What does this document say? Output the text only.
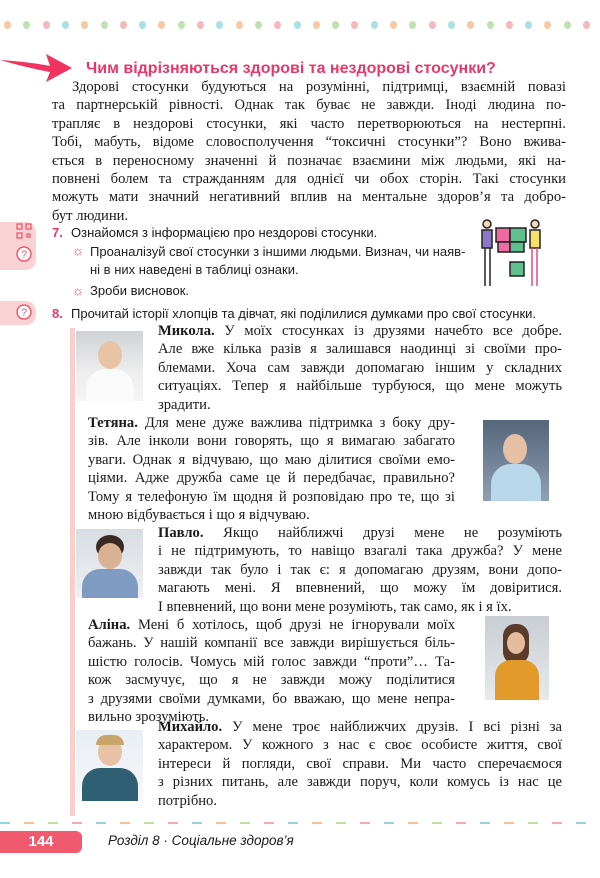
Чим відрізняються здорові та нездорові стосунки?
Здорові стосунки будуються на розумінні, підтримці, взаємній повазі
та партнерській рівності. Однак так буває не завжди. Іноді людина по-
трапляє в нездорові стосунки, які часто перетворюються на нестерпні.
Тобі, мабуть, відоме словосполучення “токсичні стосунки”? Воно вжива-
ється в переносному значенні й позначає взаємини між людьми, які на-
повнені болем та стражданням для однієї чи обох сторін. Такі стосунки
можуть мати значний негативний вплив на ментальне здоров’я та добро-
бут людини.
?
7. Ознайомся з інформацією про нездорові стосунки.
☼ Проаналізуй свої стосунки з іншими людьми. Визнач, чи наяв-
ні в них наведені в таблиці ознаки.
☼ Зроби висновок.
? 8. Прочитай історії хлопців та дівчат, які поділилися думками про свої стосунки.
Микола. У моїх стосунках із друзями начебто все добре.
Але вже кілька разів я залишався наодинці зі своїми про-
блемами. Хоча сам завжди допомагаю іншим у складних
ситуаціях. Тепер я найбільше турбуюся, що мене можуть
зрадити.
Тетяна. Для мене дуже важлива підтримка з боку дру-
зів. Але інколи вони говорять, що я вимагаю забагато
уваги. Однак я відчуваю, що маю ділитися своїми емо-
ціями. Адже дружба саме це й передбачає, правильно?
Тому я телефоную їм щодня й розповідаю про те, що зі
мною відбувається і що я відчуваю.
Павло. Якщо найближчі друзі мене не розуміють
і не підтримують, то навіщо взагалі така дружба? У мене
завжди так було і так є: я допомагаю друзям, вони допо-
магають мені. Я впевнений, що можу їм довіритися.
І впевнений, що вони мене розуміють, так само, як і я їх.
Аліна. Мені б хотілось, щоб друзі не ігнорували моїх
бажань. У нашій компанії все завжди вирішується біль-
шістю голосів. Чомусь мій голос завжди “проти”… Та-
кож засмучує, що я не завжди можу поділитися
з друзями своїми думками, бо вважаю, що мене непра-
вильно зрозуміють.
Михайло. У мене троє найближчих друзів. І всі різні за
характером. У кожного з нас є своє особисте життя, свої
інтереси й погляди, свої справи. Ми часто сперечаємося
з різних питань, але завжди поруч, коли комусь із нас це
потрібно.
144	Розділ 8 · Соціальне здоров’я
